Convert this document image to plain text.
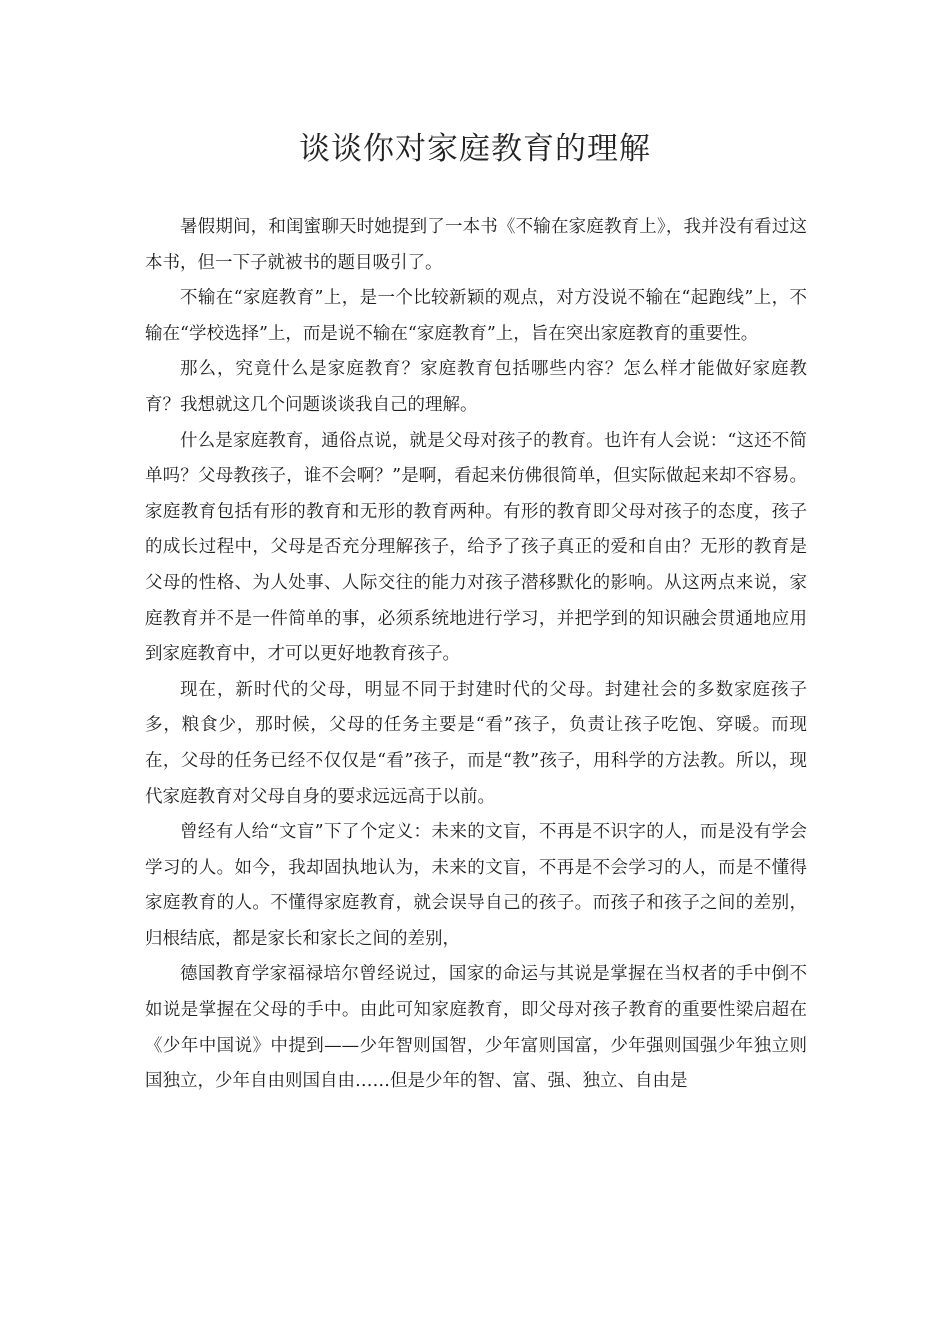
谈谈你对家庭教育的理解

暑假期间，和闺蜜聊天时她提到了一本书《不输在家庭教育上》，我并没有看过这本书，但一下子就被书的题目吸引了。

不输在“家庭教育”上，是一个比较新颖的观点，对方没说不输在“起跑线”上，不输在“学校选择”上，而是说不输在“家庭教育”上，旨在突出家庭教育的重要性。

那么，究竟什么是家庭教育？家庭教育包括哪些内容？怎么样才能做好家庭教育？我想就这几个问题谈谈我自己的理解。

什么是家庭教育，通俗点说，就是父母对孩子的教育。也许有人会说：“这还不简单吗？父母教孩子，谁不会啊？”是啊，看起来仿佛很简单，但实际做起来却不容易。家庭教育包括有形的教育和无形的教育两种。有形的教育即父母对孩子的态度，孩子的成长过程中，父母是否充分理解孩子，给予了孩子真正的爱和自由？无形的教育是父母的性格、为人处事、人际交往的能力对孩子潜移默化的影响。从这两点来说，家庭教育并不是一件简单的事，必须系统地进行学习，并把学到的知识融会贯通地应用到家庭教育中，才可以更好地教育孩子。

现在，新时代的父母，明显不同于封建时代的父母。封建社会的多数家庭孩子多，粮食少，那时候，父母的任务主要是“看”孩子，负责让孩子吃饱、穿暖。而现在，父母的任务已经不仅仅是“看”孩子，而是“教”孩子，用科学的方法教。所以，现代家庭教育对父母自身的要求远远高于以前。

曾经有人给“文盲”下了个定义：未来的文盲，不再是不识字的人，而是没有学会学习的人。如今，我却固执地认为，未来的文盲，不再是不会学习的人，而是不懂得家庭教育的人。不懂得家庭教育，就会误导自己的孩子。而孩子和孩子之间的差别，归根结底，都是家长和家长之间的差别，

德国教育学家福禄培尔曾经说过，国家的命运与其说是掌握在当权者的手中倒不如说是掌握在父母的手中。由此可知家庭教育，即父母对孩子教育的重要性梁启超在《少年中国说》中提到——少年智则国智，少年富则国富，少年强则国强少年独立则国独立，少年自由则国自由……但是少年的智、富、强、独立、自由是
